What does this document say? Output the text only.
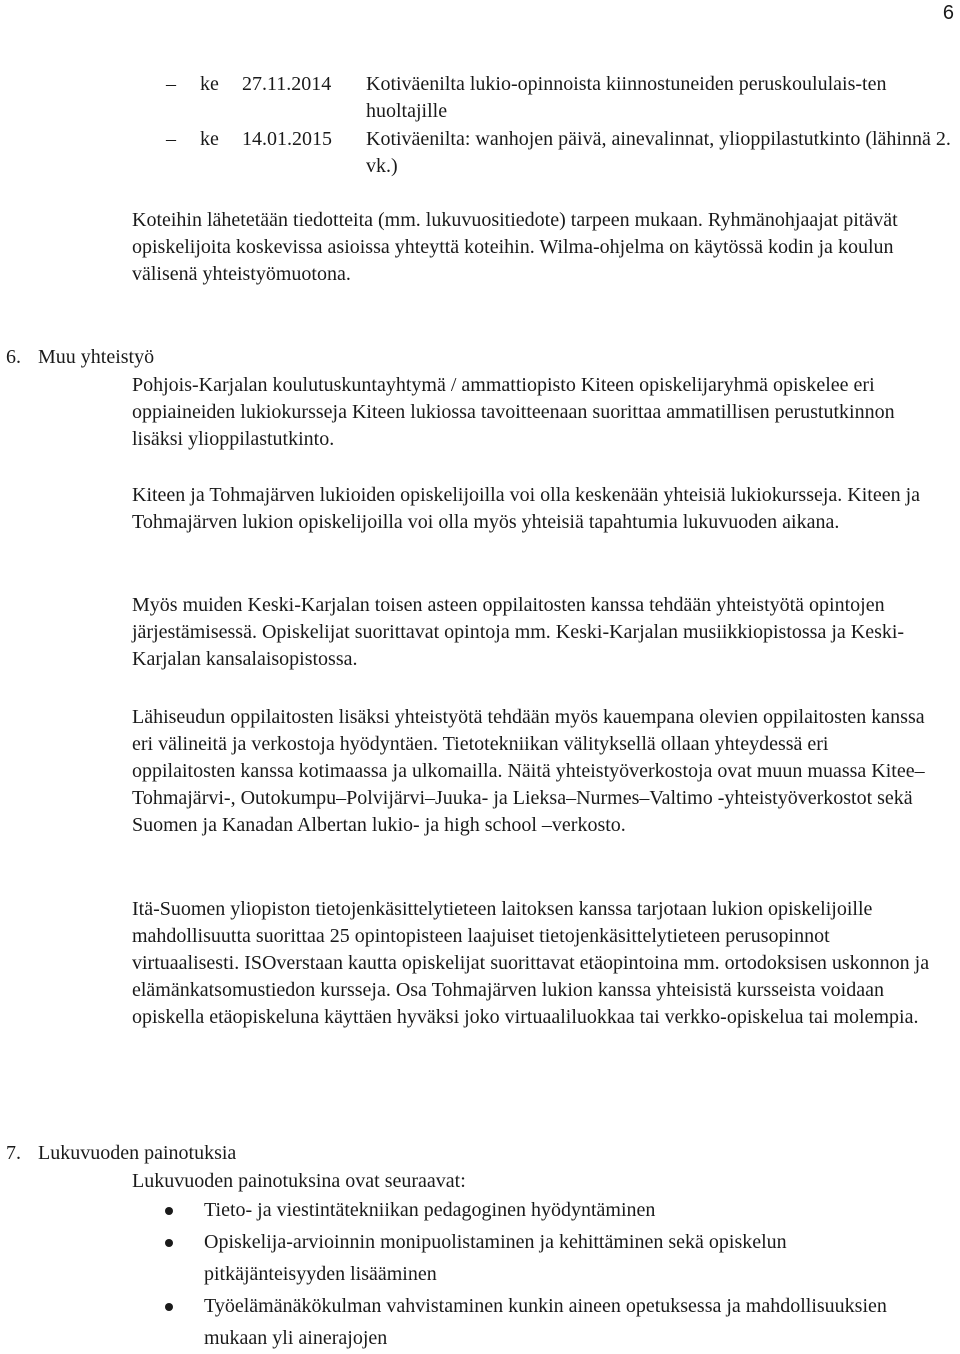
6
– ke 27.11.2014 Kotiväenilta lukio-opinnoista kiinnostuneiden peruskoululais-ten huoltajille
– ke 14.01.2015 Kotiväenilta: wanhojen päivä, ainevalinnat, ylioppilastutkinto (lähinnä 2. vk.)

Koteihin lähetetään tiedotteita (mm. lukuvuositiedote) tarpeen mukaan. Ryhmänohjaajat pitävät opiskelijoita koskevissa asioissa yhteyttä koteihin. Wilma-ohjelma on käytössä kodin ja koulun välisenä yhteistyömuotona.

6. Muu yhteistyö

Pohjois-Karjalan koulutuskuntayhtymä / ammattiopisto Kiteen opiskelijaryhmä opiskelee eri oppiaineiden lukiokursseja Kiteen lukiossa tavoitteenaan suorittaa ammatillisen perustutkinnon lisäksi ylioppilastutkinto.

Kiteen ja Tohmajärven lukioiden opiskelijoilla voi olla keskenään yhteisiä lukiokursseja. Kiteen ja Tohmajärven lukion opiskelijoilla voi olla myös yhteisiä tapahtumia lukuvuoden aikana.

Myös muiden Keski-Karjalan toisen asteen oppilaitosten kanssa tehdään yhteistyötä opintojen järjestämisessä. Opiskelijat suorittavat opintoja mm. Keski-Karjalan musiikkiopistossa ja Keski-Karjalan kansalaisopistossa.

Lähiseudun oppilaitosten lisäksi yhteistyötä tehdään myös kauempana olevien oppilaitosten kanssa eri välineitä ja verkostoja hyödyntäen. Tietotekniikan välityksellä ollaan yhteydessä eri oppilaitosten kanssa kotimaassa ja ulkomailla. Näitä yhteistyöverkostoja ovat muun muassa Kitee–Tohmajärvi-, Outokumpu–Polvijärvi–Juuka- ja Lieksa–Nurmes–Valtimo -yhteistyöverkostot sekä Suomen ja Kanadan Albertan lukio- ja high school –verkosto.

Itä-Suomen yliopiston tietojenkäsittelytieteen laitoksen kanssa tarjotaan lukion opiskelijoille mahdollisuutta suorittaa 25 opintopisteen laajuiset tietojenkäsittelytieteen perusopinnot virtuaalisesti. ISOverstaan kautta opiskelijat suorittavat etäopintoina mm. ortodoksisen uskonnon ja elämänkatsomustiedon kursseja. Osa Tohmajärven lukion kanssa yhteisistä kursseista voidaan opiskella etäopiskeluna käyttäen hyväksi joko virtuaaliluokkaa tai verkko-opiskelua tai molempia.

7. Lukuvuoden painotuksia

Lukuvuoden painotuksina ovat seuraavat:

Tieto- ja viestintätekniikan pedagoginen hyödyntäminen
Opiskelija-arvioinnin monipuolistaminen ja kehittäminen sekä opiskelun pitkäjänteisyyden lisääminen
Työelämänäkökulman vahvistaminen kunkin aineen opetuksessa ja mahdollisuuksien mukaan yli ainerajojen
